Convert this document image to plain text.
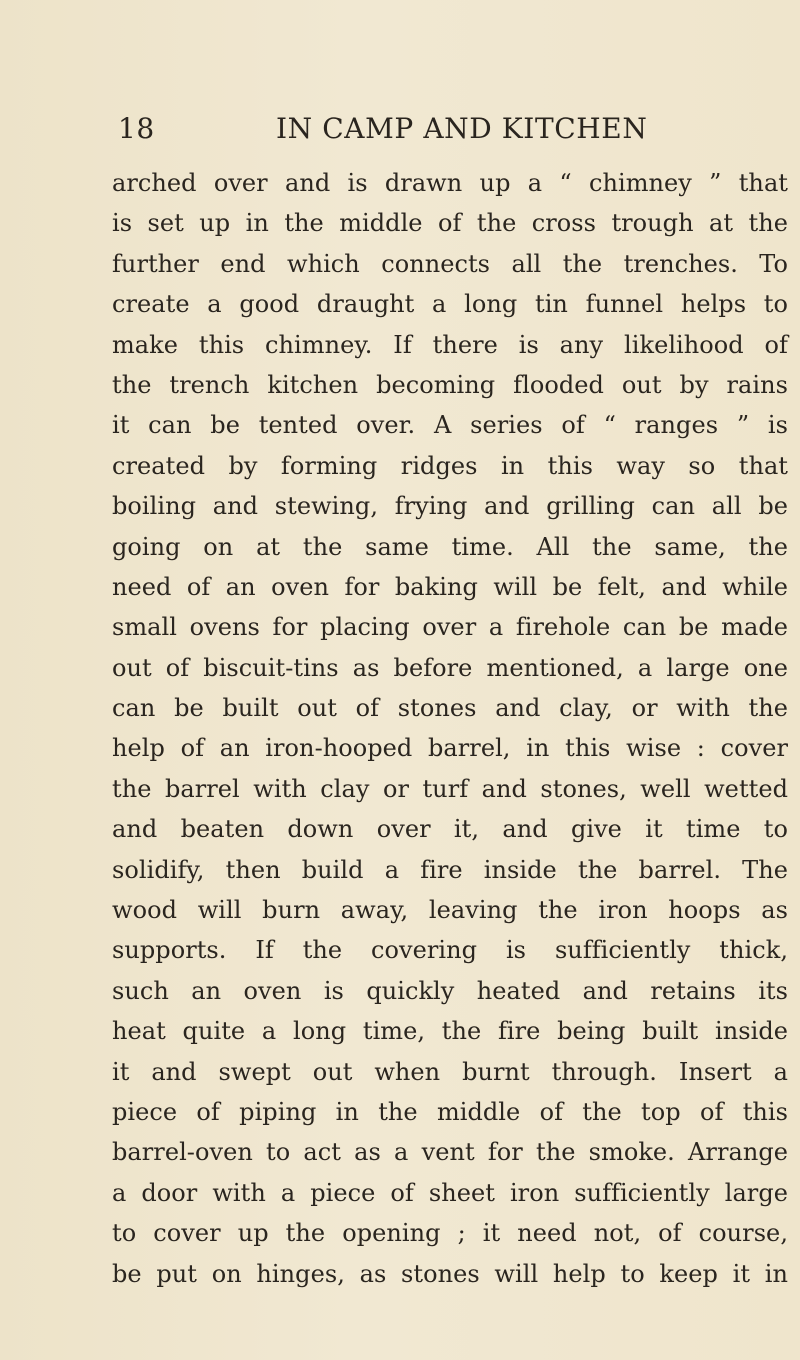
18	IN CAMP AND KITCHEN
arched over and is drawn up a “ chimney ” that
is set up in the middle of the cross trough at the
further end which connects all the trenches. To
create a good draught a long tin funnel helps to
make this chimney. If there is any likelihood of
the trench kitchen becoming flooded out by rains
it can be tented over. A series of “ ranges ” is
created by forming ridges in this way so that
boiling and stewing, frying and grilling can all be
going on at the same time. All the same, the
need of an oven for baking will be felt, and while
small ovens for placing over a firehole can be made
out of biscuit-tins as before mentioned, a large one
can be built out of stones and clay, or with the
help of an iron-hooped barrel, in this wise : cover
the barrel with clay or turf and stones, well wetted
and beaten down over it, and give it time to
solidify, then build a fire inside the barrel. The
wood will burn away, leaving the iron hoops as
supports. If the covering is sufficiently thick,
such an oven is quickly heated and retains its
heat quite a long time, the fire being built inside
it and swept out when burnt through. Insert a
piece of piping in the middle of the top of this
barrel-oven to act as a vent for the smoke. Arrange
a door with a piece of sheet iron sufficiently large
to cover up the opening ; it need not, of course,
be put on hinges, as stones will help to keep it in
